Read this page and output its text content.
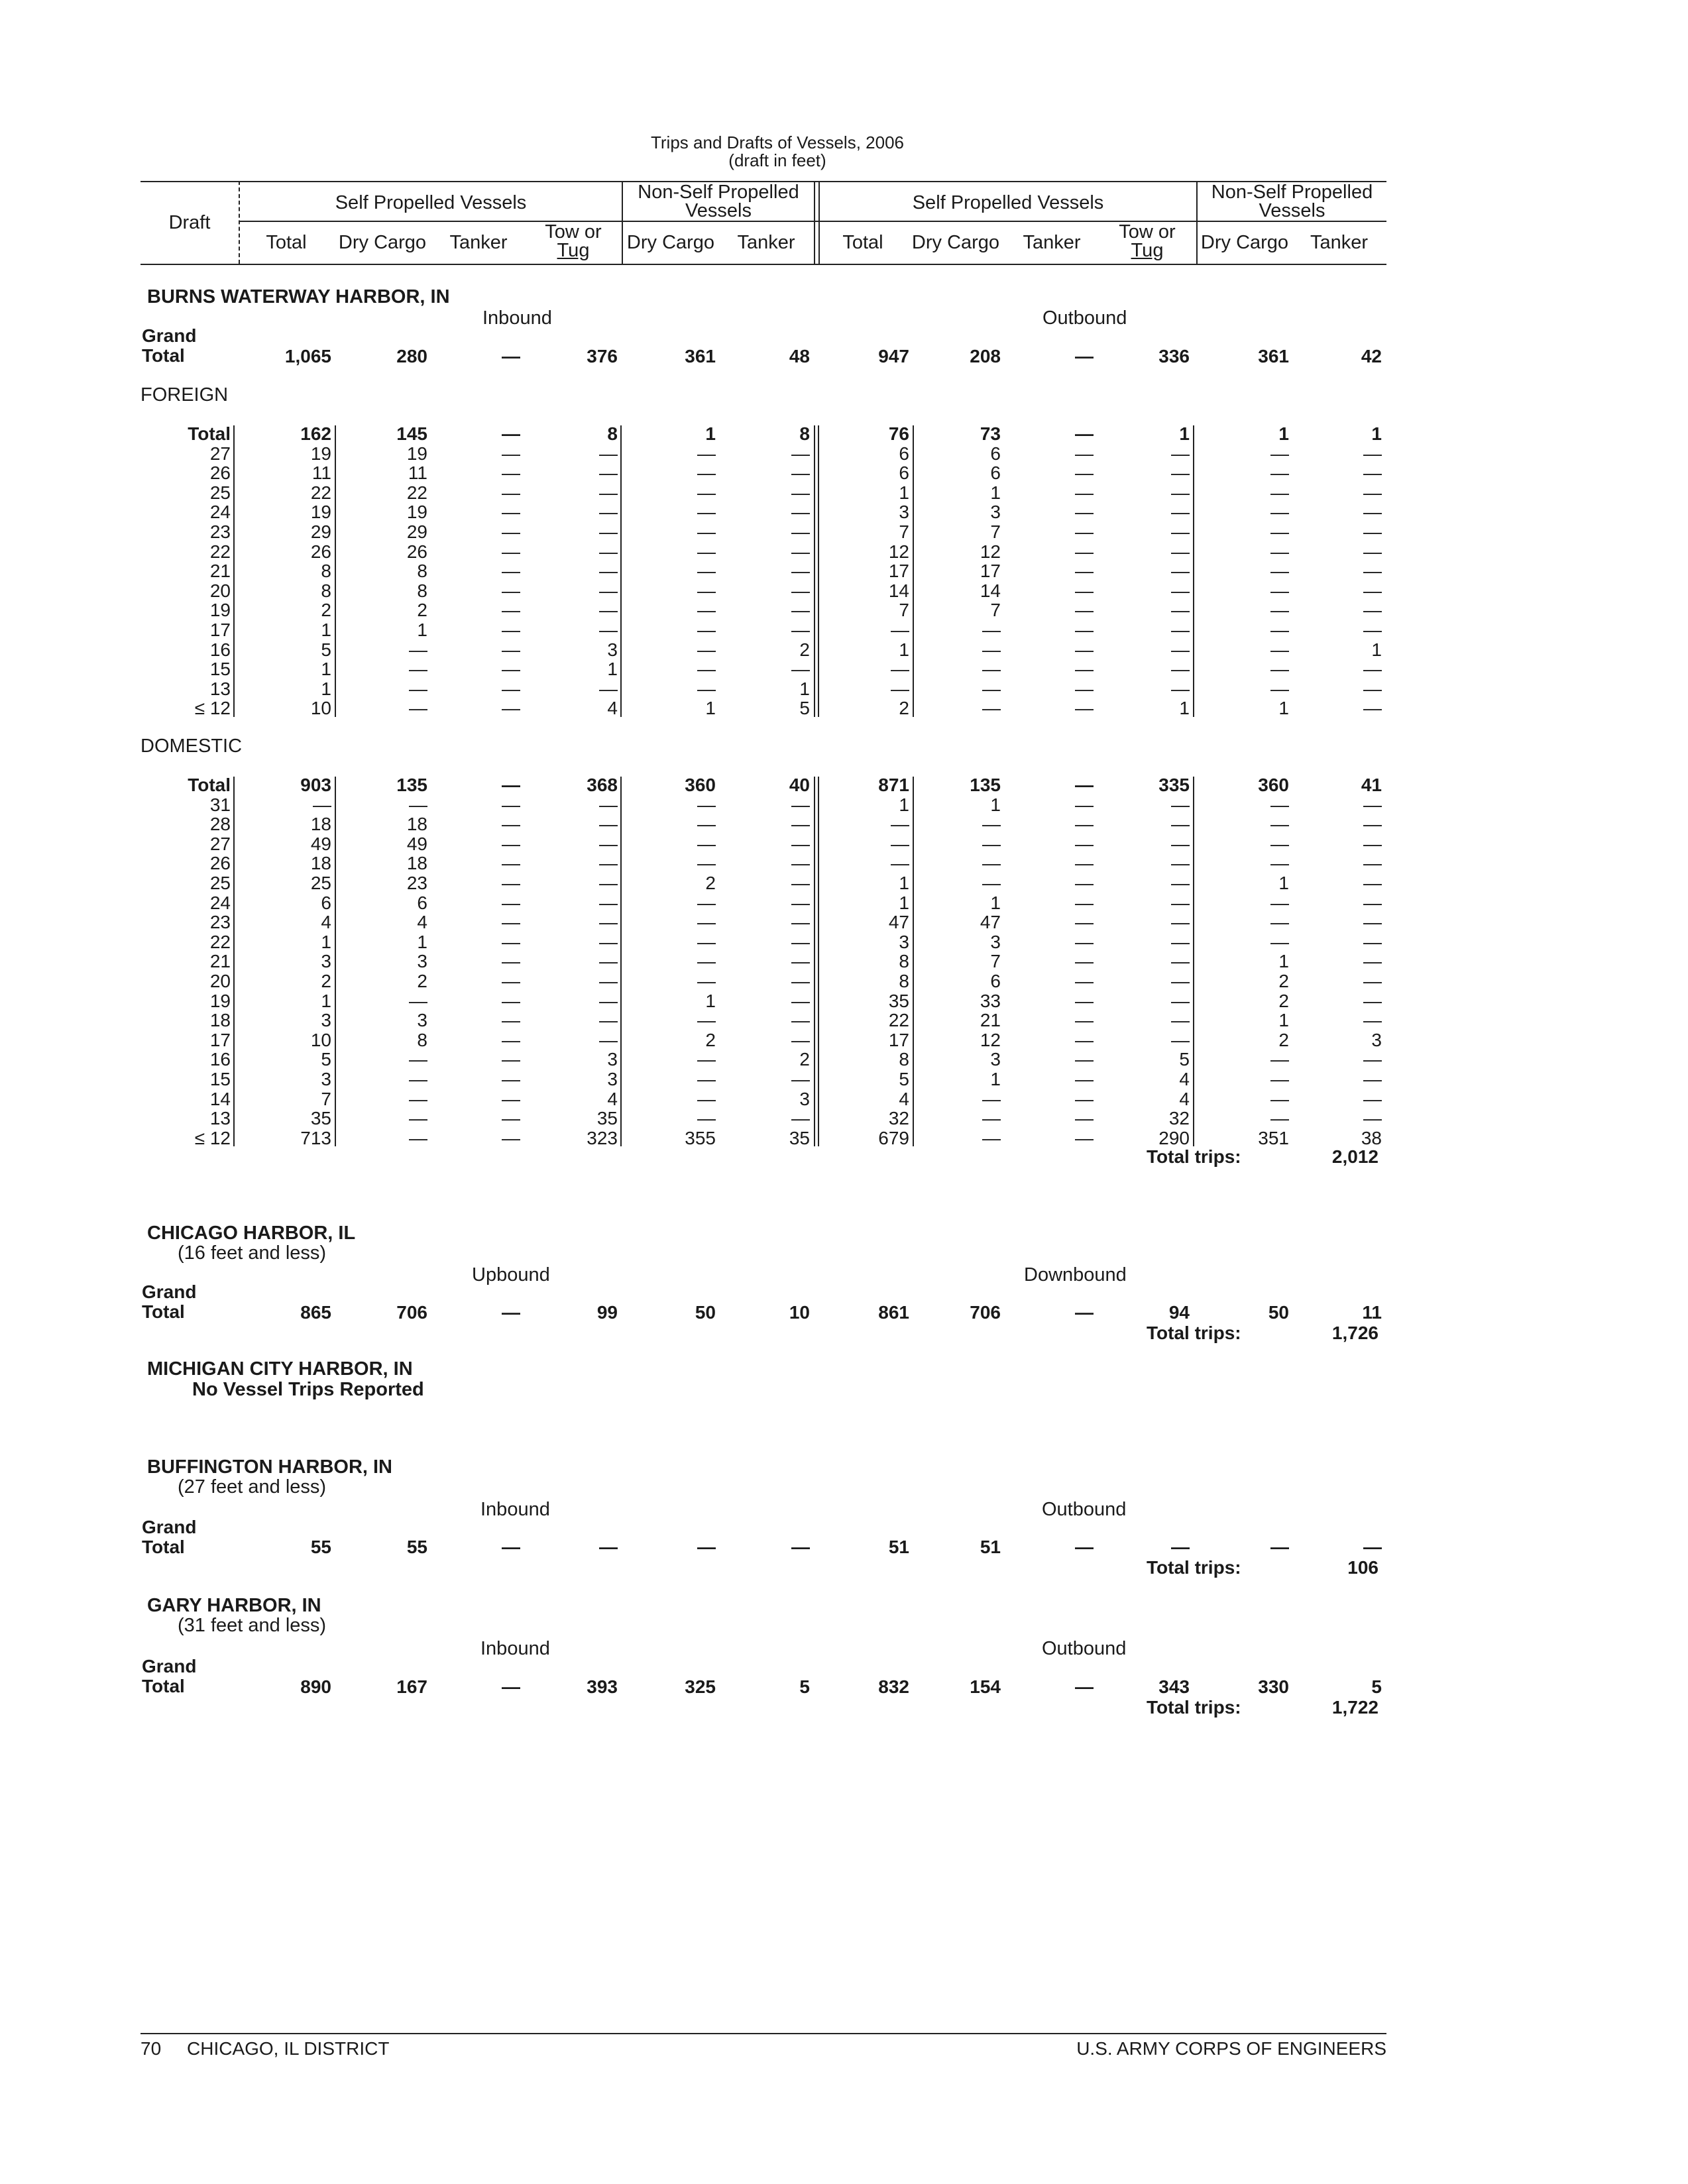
Trips and Drafts of Vessels, 2006
(draft in feet)
Draft
Self Propelled Vessels	Non-Self Propelled
Vessels	Self Propelled Vessels	Non-Self Propelled
Vessels
Total	Dry Cargo	Tanker	Tow or
Tug	Dry Cargo	Tanker	Total	Dry Cargo	Tanker	Tow or
Tug	Dry Cargo	Tanker
BURNS WATERWAY HARBOR, IN
Inbound	Outbound
Grand
Total	1,065	280	—	376	361	48	947	208	—	336	361	42
FOREIGN
Total	162	145	—	8	1	8	76	73	—	1	1	1
27	19	19	—	—	—	—	6	6	—	—	—	—
26	11	11	—	—	—	—	6	6	—	—	—	—
25	22	22	—	—	—	—	1	1	—	—	—	—
24	19	19	—	—	—	—	3	3	—	—	—	—
23	29	29	—	—	—	—	7	7	—	—	—	—
22	26	26	—	—	—	—	12	12	—	—	—	—
21	8	8	—	—	—	—	17	17	—	—	—	—
20	8	8	—	—	—	—	14	14	—	—	—	—
19	2	2	—	—	—	—	7	7	—	—	—	—
17	1	1	—	—	—	—	—	—	—	—	—	—
16	5	—	—	3	—	2	1	—	—	—	—	1
15	1	—	—	1	—	—	—	—	—	—	—	—
13	1	—	—	—	—	1	—	—	—	—	—	—
≤ 12	10	—	—	4	1	5	2	—	—	1	1	—
DOMESTIC
Total	903	135	—	368	360	40	871	135	—	335	360	41
31	—	—	—	—	—	—	1	1	—	—	—	—
28	18	18	—	—	—	—	—	—	—	—	—	—
27	49	49	—	—	—	—	—	—	—	—	—	—
26	18	18	—	—	—	—	—	—	—	—	—	—
25	25	23	—	—	2	—	1	—	—	—	1	—
24	6	6	—	—	—	—	1	1	—	—	—	—
23	4	4	—	—	—	—	47	47	—	—	—	—
22	1	1	—	—	—	—	3	3	—	—	—	—
21	3	3	—	—	—	—	8	7	—	—	1	—
20	2	2	—	—	—	—	8	6	—	—	2	—
19	1	—	—	—	1	—	35	33	—	—	2	—
18	3	3	—	—	—	—	22	21	—	—	1	—
17	10	8	—	—	2	—	17	12	—	—	2	3
16	5	—	—	3	—	2	8	3	—	5	—	—
15	3	—	—	3	—	—	5	1	—	4	—	—
14	7	—	—	4	—	3	4	—	—	4	—	—
13	35	—	—	35	—	—	32	—	—	32	—	—
≤ 12	713	—	—	323	355	35	679	—	—	290	351	38
Total trips:	2,012
CHICAGO HARBOR, IL
(16 feet and less)
Upbound	Downbound
Grand
Total	865	706	—	99	50	10	861	706	—	94	50	11
Total trips:	1,726
MICHIGAN CITY HARBOR, IN
No Vessel Trips Reported
BUFFINGTON HARBOR, IN
(27 feet and less)
Inbound	Outbound
Grand
Total	55	55	—	—	—	—	51	51	—	—	—	—
Total trips:	106
GARY HARBOR, IN
(31 feet and less)
Inbound	Outbound
Grand
Total	890	167	—	393	325	5	832	154	—	343	330	5
Total trips:	1,722
70 CHICAGO, IL DISTRICT	U.S. ARMY CORPS OF ENGINEERS
